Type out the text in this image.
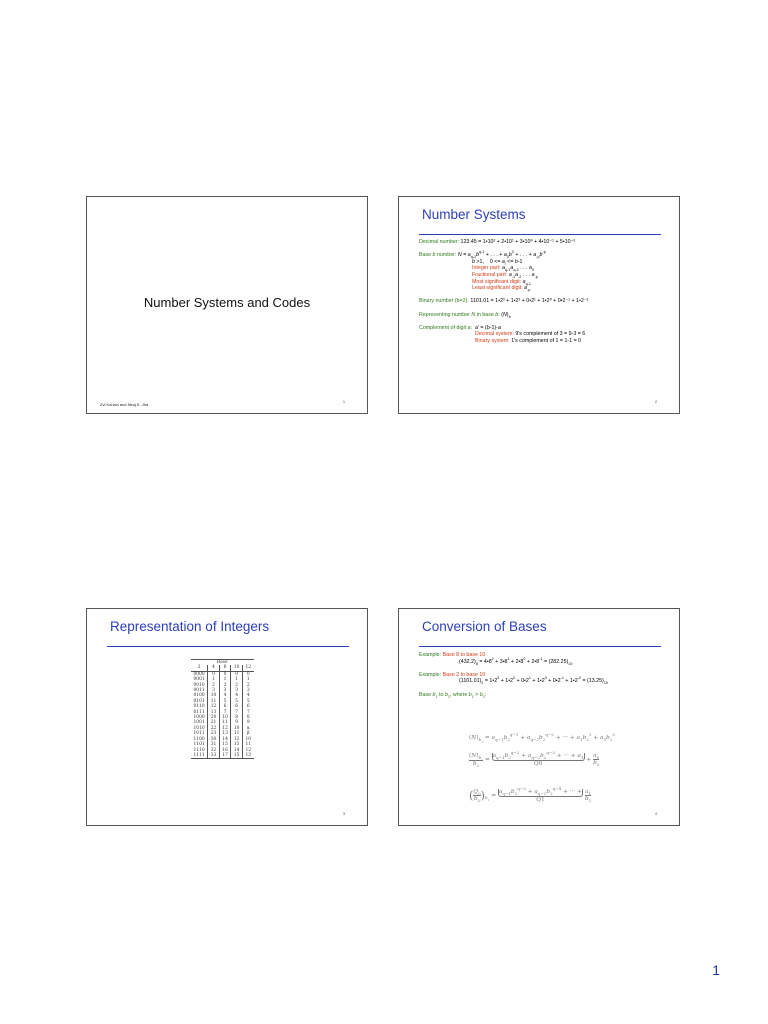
Number Systems and Codes
Zvi Kohavi and Niraj K. Jha	1
Number Systems
Decimal number: 123.45 = 1•10² + 2•10¹ + 3•10⁰ + 4•10⁻¹ + 5•10⁻²
Base b number: $N = a_{q-1}b^{q-1}$ + . . . + $a_0b^0$ + . . . + $a_{-p}b^{-p}$
b >1,    $0 <= a_i <= b-1$
Integer part: $a_{q-1}a_{q-2}$ . . . $a_0$
Fractional part: $a_{-1}a_{-2}$ . . . $a_{-p}$
Most significant digit: $a_{q-1}$
Least significant digit: $a_{-p}$
Binary number (b=2): 1101.01 = 1•2³ + 1•2² + 0•2¹ + 1•2⁰ + 0•2⁻¹ + 1•2⁻²
Representing number N in base b: $(N)_b$
Complement of digit a: a' = (b-1)-a
Decimal system: 9's complement of 3 = 9-3 = 6
Binary system: 1's complement of 1 = 1-1 = 0
2
Representation of Integers
Base				
2	4	8	10	12
0000	0	0	0	0
0001	1	1	1	1
0010	2	2	2	2
0011	3	3	3	3
0100	10	4	4	4
0101	11	5	5	5
0110	12	6	6	6
0111	13	7	7	7
1000	20	10	8	8
1001	21	11	9	9
1010	22	12	10	α
1011	23	13	11	β
1100	30	14	12	10
1101	31	15	13	11
1110	32	16	14	12
1111	33	17	15	13
3
Conversion of Bases
Example: Base 8 to base 10
$(432.2)_8$ = $4•8^2$ + $3•8^1$ + $2•8^0$ + $2•8^{-1} = (282.25)_{10}$
Example: Base 2 to base 10
$(1101.01)_2$ = $1•2^3$ + $1•2^2$ + $0•2^1$ + $1•2^0$ + $0•2^{-1}$ + $1•2^{-2} = (13.25)_{10}$
Base $b_1$ to $b_2$, where $b_1 > b_2$:
$(N)_{b_1} = a_{q-1}b_2^{q-1} + a_{q-2}b_2^{q-2}$ + ··· + $a_1b_2^1 + a_0b_2^0$
$\frac{(N)_{b_1}}{b_2} = \frac{a_{q-1}b_2^{q-2} + a_{q-2}b_2^{q-3} + \cdot\cdot\cdot + a_1}{Q0} + \frac{a_0}{b_2}$
( $\frac{Q_0}{b_2} )_{b_1} = \frac{a_{q-1}b_2^{q-3} + a_{q-2}b_2^{q-4} + \cdot\cdot\cdot +}{Q1}$
$\frac{a_1}{b_2}$
4
1
